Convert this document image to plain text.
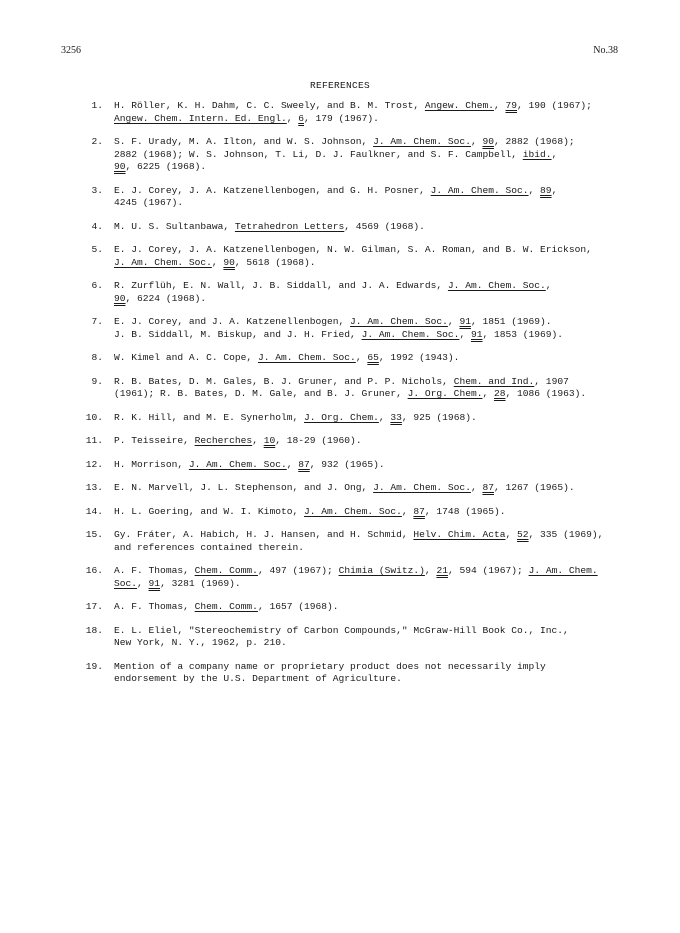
3256	No.38
REFERENCES
1.	H. Röller, K. H. Dahm, C. C. Sweely, and B. M. Trost, Angew. Chem., 79, 190 (1967);
Angew. Chem. Intern. Ed. Engl., 6, 179 (1967).
2.	S. F. Urady, M. A. Ilton, and W. S. Johnson, J. Am. Chem. Soc., 90, 2882 (1968);
2882 (1968); W. S. Johnson, T. Li, D. J. Faulkner, and S. F. Campbell, ibid.,
90, 6225 (1968).
3.	E. J. Corey, J. A. Katzenellenbogen, and G. H. Posner, J. Am. Chem. Soc., 89,
4245 (1967).
4.	M. U. S. Sultanbawa, Tetrahedron Letters, 4569 (1968).
5.	E. J. Corey, J. A. Katzenellenbogen, N. W. Gilman, S. A. Roman, and B. W. Erickson,
J. Am. Chem. Soc., 90, 5618 (1968).
6.	R. Zurflüh, E. N. Wall, J. B. Siddall, and J. A. Edwards, J. Am. Chem. Soc.,
90, 6224 (1968).
7.	E. J. Corey, and J. A. Katzenellenbogen, J. Am. Chem. Soc., 91, 1851 (1969).
J. B. Siddall, M. Biskup, and J. H. Fried, J. Am. Chem. Soc., 91, 1853 (1969).
8.	W. Kimel and A. C. Cope, J. Am. Chem. Soc., 65, 1992 (1943).
9.	R. B. Bates, D. M. Gales, B. J. Gruner, and P. P. Nichols, Chem. and Ind., 1907
(1961); R. B. Bates, D. M. Gale, and B. J. Gruner, J. Org. Chem., 28, 1086 (1963).
10.	R. K. Hill, and M. E. Synerholm, J. Org. Chem., 33, 925 (1968).
11.	P. Teisseire, Recherches, 10, 18-29 (1960).
12.	H. Morrison, J. Am. Chem. Soc., 87, 932 (1965).
13.	E. N. Marvell, J. L. Stephenson, and J. Ong, J. Am. Chem. Soc., 87, 1267 (1965).
14.	H. L. Goering, and W. I. Kimoto, J. Am. Chem. Soc., 87, 1748 (1965).
15.	Gy. Fráter, A. Habich, H. J. Hansen, and H. Schmid, Helv. Chim. Acta, 52, 335 (1969),
and references contained therein.
16.	A. F. Thomas, Chem. Comm., 497 (1967); Chimia (Switz.), 21, 594 (1967); J. Am. Chem.
Soc., 91, 3281 (1969).
17.	A. F. Thomas, Chem. Comm., 1657 (1968).
18.	E. L. Eliel, "Stereochemistry of Carbon Compounds," McGraw-Hill Book Co., Inc.,
New York, N. Y., 1962, p. 210.
19.	Mention of a company name or proprietary product does not necessarily imply
endorsement by the U.S. Department of Agriculture.
